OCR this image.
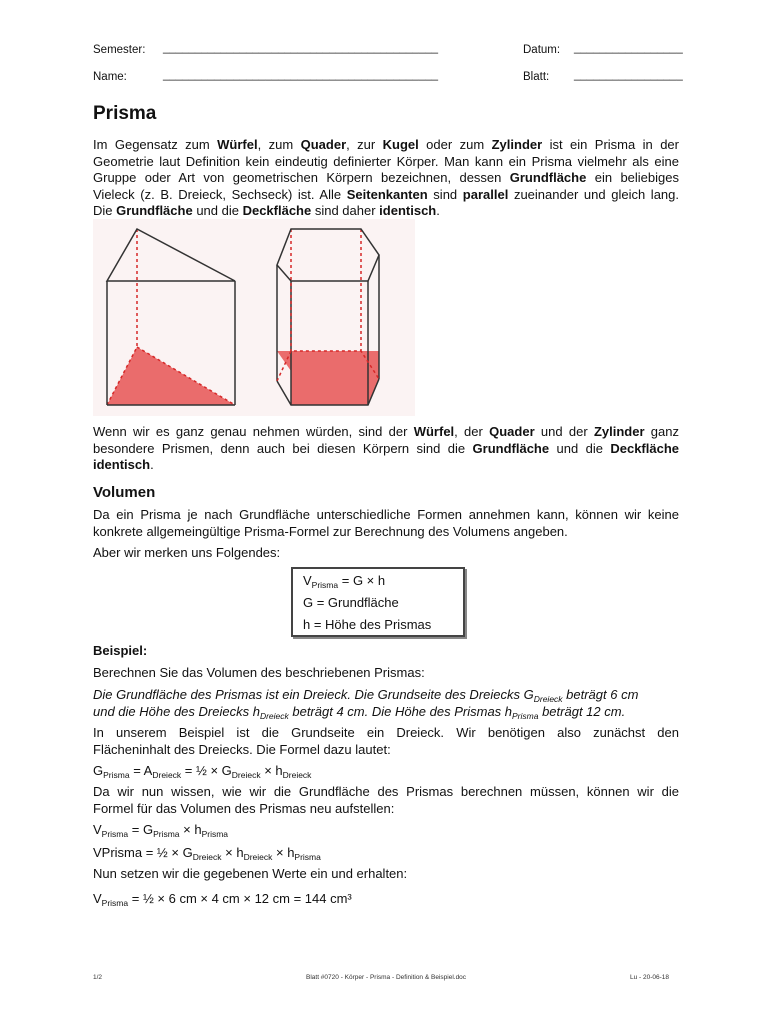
Semester: ___________________________________________
Name:	___________________________________________
Datum: _________________
Blatt: _________________
Prisma
Im Gegensatz zum Würfel, zum Quader, zur Kugel oder zum Zylinder ist ein Prisma in der
Geometrie laut Definition kein eindeutig definierter Körper. Man kann ein Prisma vielmehr als eine
Gruppe oder Art von geometrischen Körpern bezeichnen, dessen Grundfläche ein beliebiges
Vieleck (z. B. Dreieck, Sechseck) ist. Alle Seitenkanten sind parallel zueinander und gleich lang.
Die Grundfläche und die Deckfläche sind daher identisch.
Wenn wir es ganz genau nehmen würden, sind der Würfel, der Quader und der Zylinder ganz
besondere Prismen, denn auch bei diesen Körpern sind die Grundfläche und die Deckfläche
identisch.
Volumen
Da ein Prisma je nach Grundfläche unterschiedliche Formen annehmen kann, können wir keine
konkrete allgemeingültige Prisma-Formel zur Berechnung des Volumens angeben.
Aber wir merken uns Folgendes:
$V_{Prisma} = G \times h$
G = Grundfläche
h = Höhe des Prismas
Beispiel:
Berechnen Sie das Volumen des beschriebenen Prismas:
Die Grundfläche des Prismas ist ein Dreieck. Die Grundseite des Dreiecks $G_{Dreieck}$ beträgt 6 cm
und die Höhe des Dreiecks $h_{Dreieck}$ beträgt 4 cm. Die Höhe des Prismas $h_{Prisma}$ beträgt 12 cm.
In unserem Beispiel ist die Grundseite ein Dreieck. Wir benötigen also zunächst den
Flächeninhalt des Dreiecks. Die Formel dazu lautet:
$G_{Prisma} = A_{Dreieck}$ = ½ × $G_{Dreieck} \times h_{Dreieck}$
Da wir nun wissen, wie wir die Grundfläche des Prismas berechnen müssen, können wir die
Formel für das Volumen des Prismas neu aufstellen:
$V_{Prisma} = G_{Prisma} \times h_{Prisma}$
VPrisma = ½ × $G_{Dreieck} \times h_{Dreieck} \times h_{Prisma}$
Nun setzen wir die gegebenen Werte ein und erhalten:
$V_{Prisma}$ = ½ × 6 cm × 4 cm × 12 cm = 144 cm³
1/2	Blatt #0720 - Körper - Prisma - Definition & Beispiel.doc	Lu - 20-06-18
